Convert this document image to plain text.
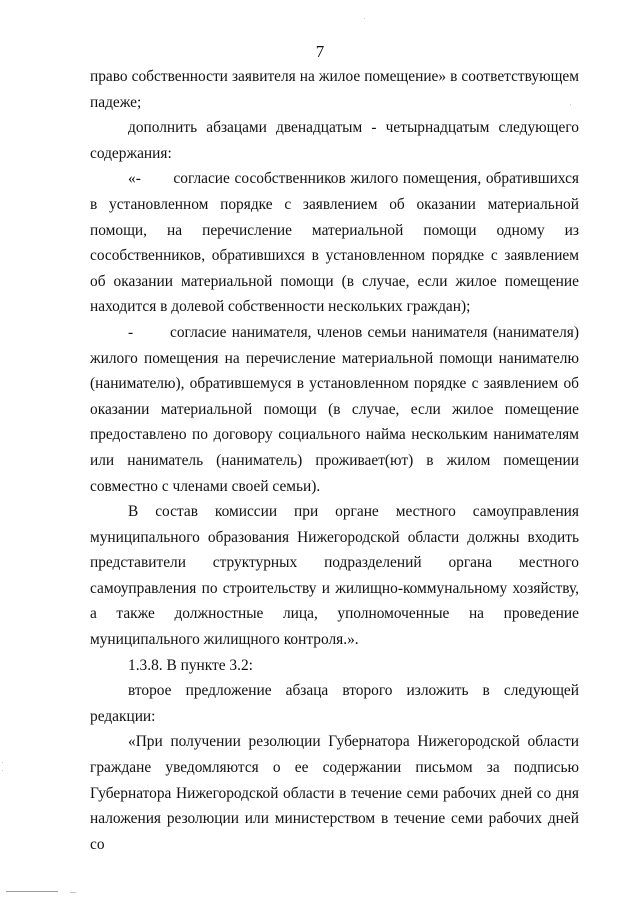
7

право собственности заявителя на жилое помещение» в соответствующем падеже;

дополнить абзацами двенадцатым - четырнадцатым следующего содержания:

«-       согласие сособственников жилого помещения, обратившихся в установленном порядке с заявлением об оказании материальной помощи, на перечисление материальной помощи одному из сособственников, обратившихся в установленном порядке с заявлением об оказании материальной помощи (в случае, если жилое помещение находится в долевой собственности нескольких граждан);

-       согласие нанимателя, членов семьи нанимателя (нанимателя) жилого помещения на перечисление материальной помощи нанимателю (нанимателю), обратившемуся в установленном порядке с заявлением об оказании материальной помощи (в случае, если жилое помещение предоставлено по договору социального найма нескольким нанимателям или наниматель (наниматель) проживает(ют) в жилом помещении совместно с членами своей семьи).

В состав комиссии при органе местного самоуправления муниципального образования Нижегородской области должны входить представители структурных подразделений органа местного самоуправления по строительству и жилищно-коммунальному хозяйству, а также должностные лица, уполномоченные на проведение муниципального жилищного контроля.».

1.3.8. В пункте 3.2:

второе предложение абзаца второго изложить в следующей редакции:

«При получении резолюции Губернатора Нижегородской области граждане уведомляются о ее содержании письмом за подписью Губернатора Нижегородской области в течение семи рабочих дней со дня наложения резолюции или министерством в течение семи рабочих дней со
